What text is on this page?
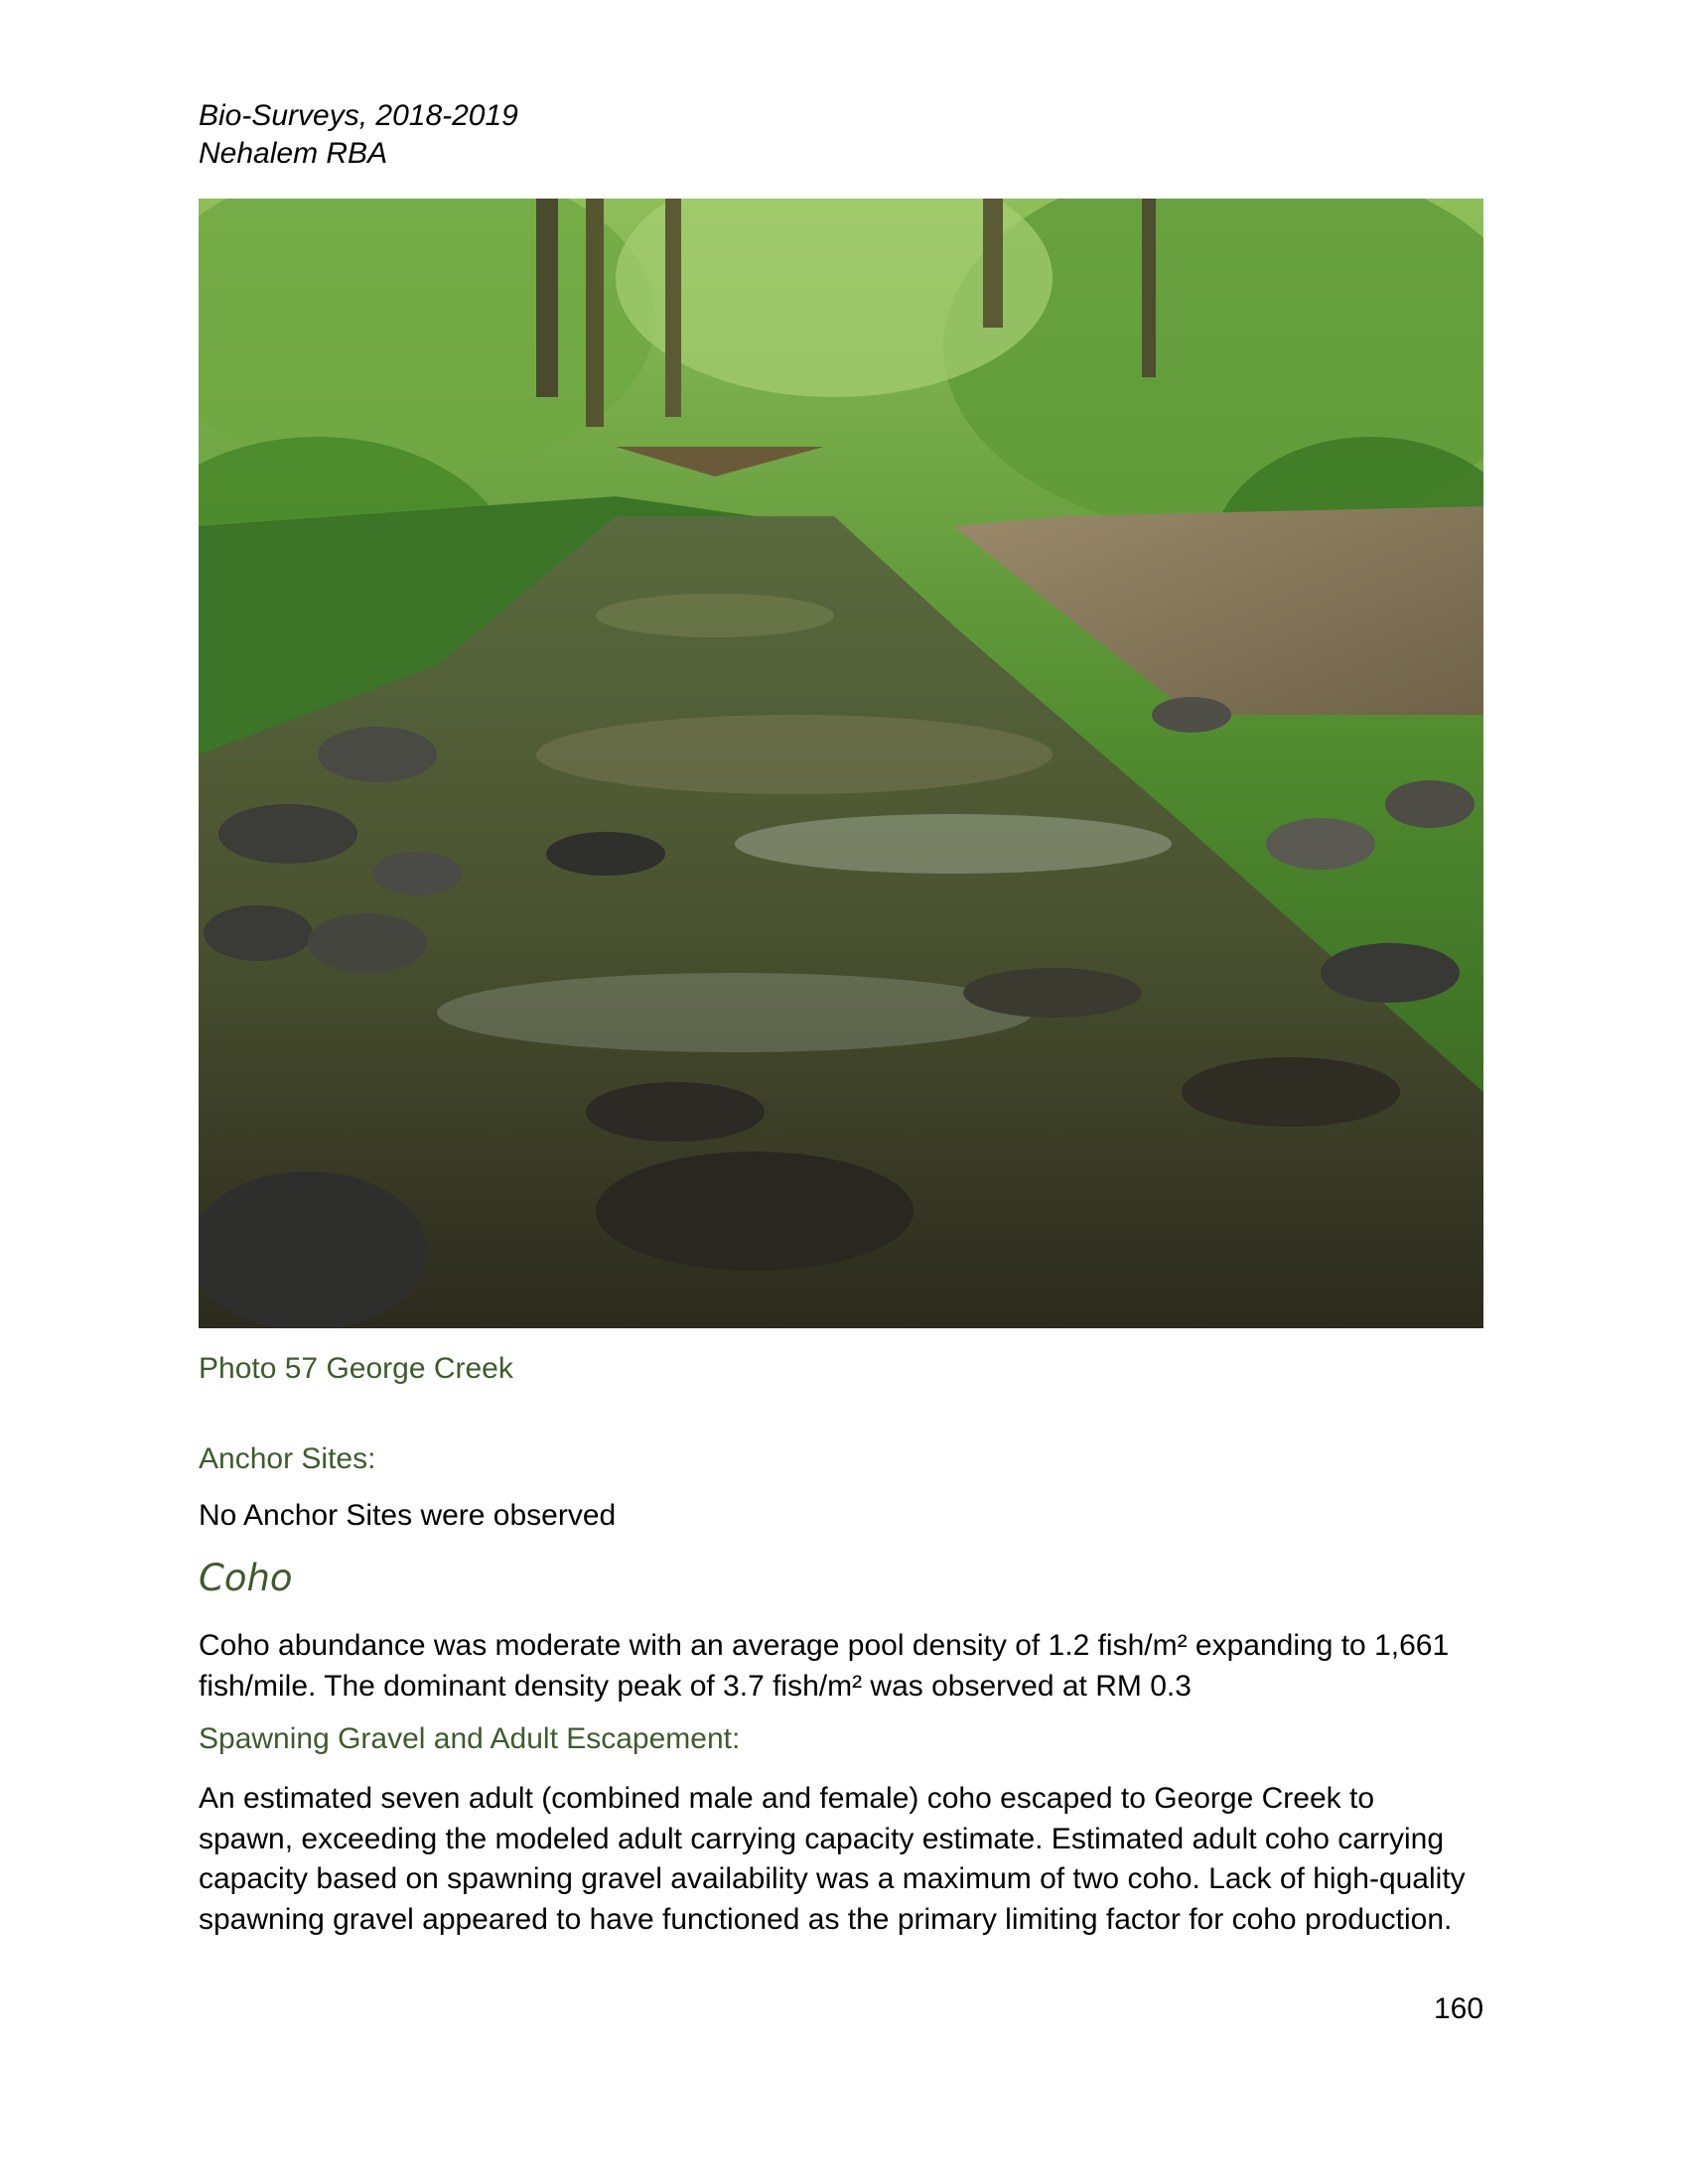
Bio-Surveys, 2018-2019
Nehalem RBA
Photo 57 George Creek
Anchor Sites:
No Anchor Sites were observed
Coho
Coho abundance was moderate with an average pool density of 1.2 fish/m² expanding to 1,661
fish/mile. The dominant density peak of 3.7 fish/m² was observed at RM 0.3
Spawning Gravel and Adult Escapement:
An estimated seven adult (combined male and female) coho escaped to George Creek to
spawn, exceeding the modeled adult carrying capacity estimate. Estimated adult coho carrying
capacity based on spawning gravel availability was a maximum of two coho. Lack of high-quality
spawning gravel appeared to have functioned as the primary limiting factor for coho production.
160
